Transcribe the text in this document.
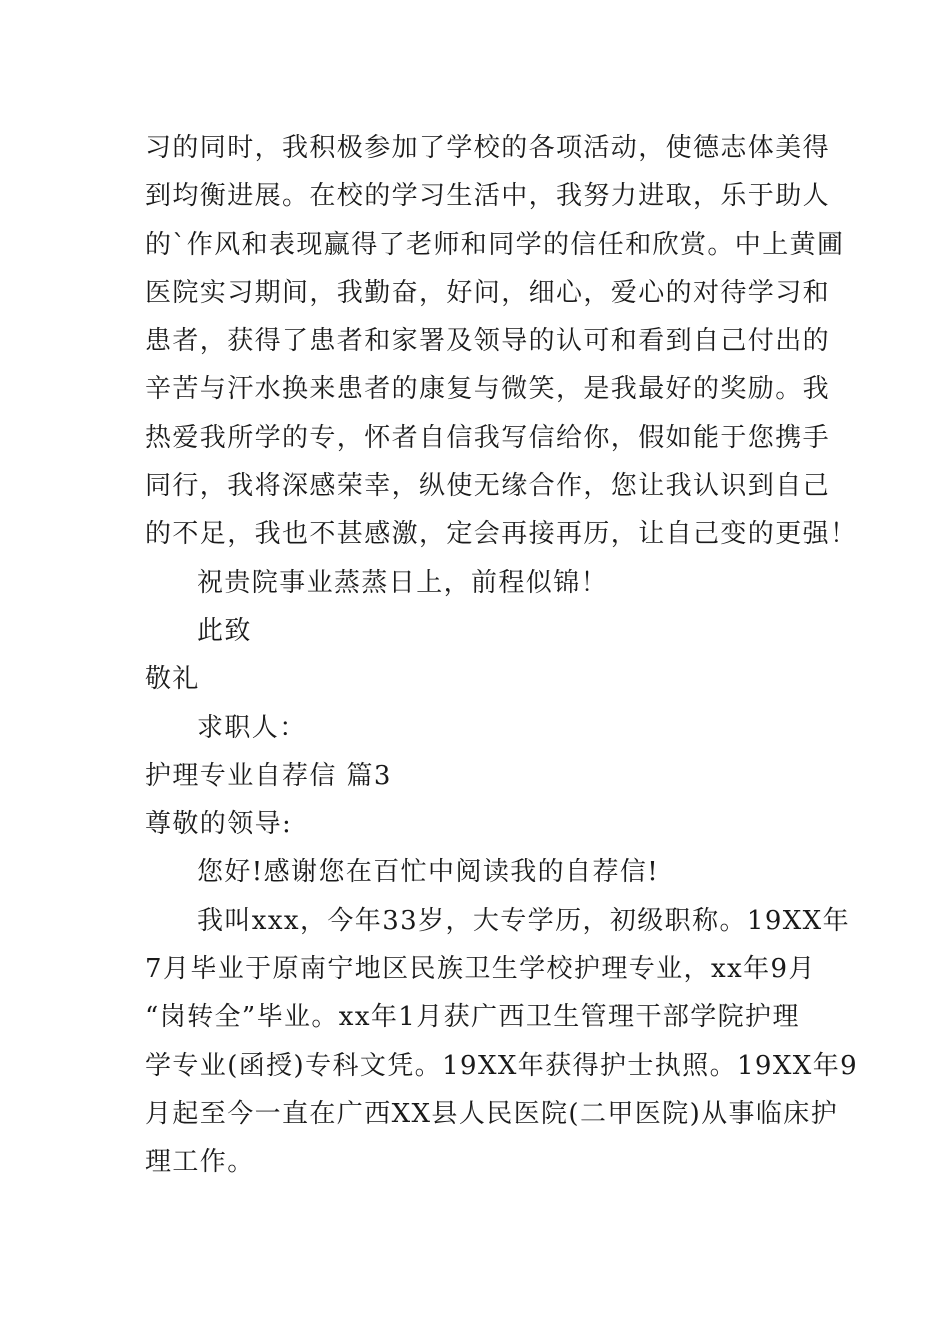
习的同时，我积极参加了学校的各项活动，使德志体美得
到均衡进展。在校的学习生活中，我努力进取，乐于助人
的`作风和表现赢得了老师和同学的信任和欣赏。中上黄圃
医院实习期间，我勤奋，好问，细心，爱心的对待学习和
患者，获得了患者和家署及领导的认可和看到自己付出的
辛苦与汗水换来患者的康复与微笑，是我最好的奖励。我
热爱我所学的专，怀者自信我写信给你，假如能于您携手
同行，我将深感荣幸，纵使无缘合作，您让我认识到自己
的不足，我也不甚感激，定会再接再历，让自己变的更强！
祝贵院事业蒸蒸日上，前程似锦！
此致
敬礼
求职人：
护理专业自荐信 篇3
尊敬的领导:
您好!感谢您在百忙中阅读我的自荐信!
我叫xxx，今年33岁，大专学历，初级职称。19XX年
7月毕业于原南宁地区民族卫生学校护理专业，xx年9月
“岗转全”毕业。xx年1月获广西卫生管理干部学院护理
学专业(函授)专科文凭。19XX年获得护士执照。19XX年9
月起至今一直在广西XX县人民医院(二甲医院)从事临床护
理工作。
